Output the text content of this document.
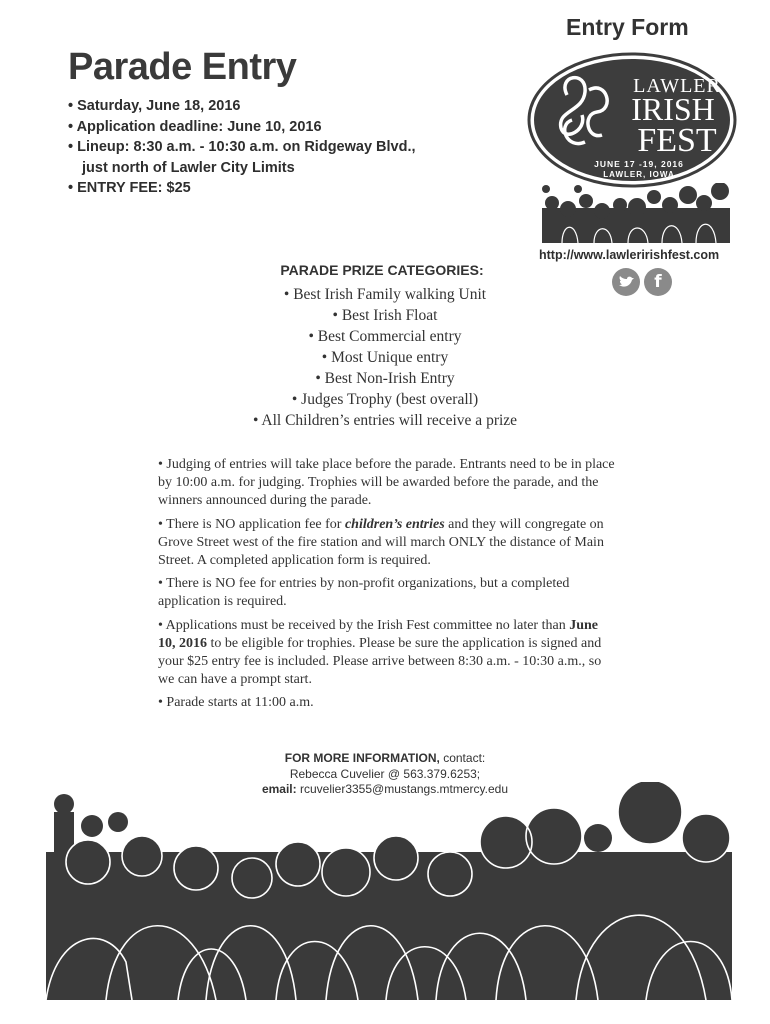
Entry Form
Parade Entry
• Saturday, June 18, 2016
• Application deadline: June 10, 2016
• Lineup: 8:30 a.m. - 10:30 a.m. on Ridgeway Blvd.,
just north of Lawler City Limits
• ENTRY FEE: $25
LAWLER
IRISH
FEST
JUNE 17 -19, 2016
LAWLER, IOWA
http://www.lawleririshfest.com
f
PARADE PRIZE CATEGORIES:
• Best Irish Family walking Unit
• Best Irish Float
• Best Commercial entry
• Most Unique entry
• Best Non-Irish Entry
• Judges Trophy (best overall)
• All Children’s entries will receive a prize
• Judging of entries will take place before the parade. Entrants need to be in place by 10:00 a.m. for judging. Trophies will be awarded before the parade, and the winners announced during the parade.
• There is NO application fee for children’s entries and they will congregate on Grove Street west of the fire station and will march ONLY the distance of Main Street. A completed application form is required.
• There is NO fee for entries by non-profit organizations, but a completed application is required.
• Applications must be received by the Irish Fest committee no later than June 10, 2016 to be eligible for trophies. Please be sure the application is signed and your $25 entry fee is included. Please arrive between 8:30 a.m. - 10:30 a.m., so we can have a prompt start.
• Parade starts at 11:00 a.m.
FOR MORE INFORMATION, contact:
Rebecca Cuvelier @ 563.379.6253;
email: rcuvelier3355@mustangs.mtmercy.edu
